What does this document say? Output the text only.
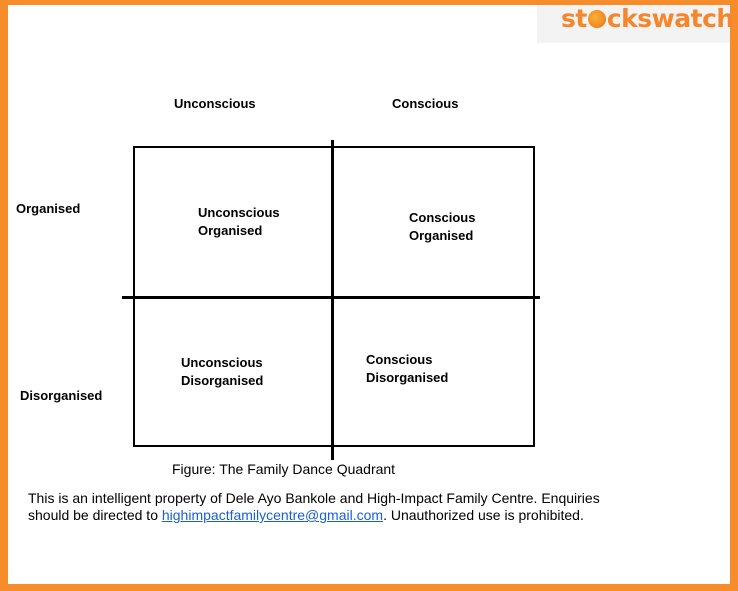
st ckswatch
Unconscious	Conscious
Organised
Disorganised
Unconscious
Organised
Conscious
Organised
Unconscious
Disorganised
Conscious
Disorganised
Figure: The Family Dance Quadrant
This is an intelligent property of Dele Ayo Bankole and High-Impact Family Centre. Enquiries should be directed to highimpactfamilycentre@gmail.com. Unauthorized use is prohibited.
